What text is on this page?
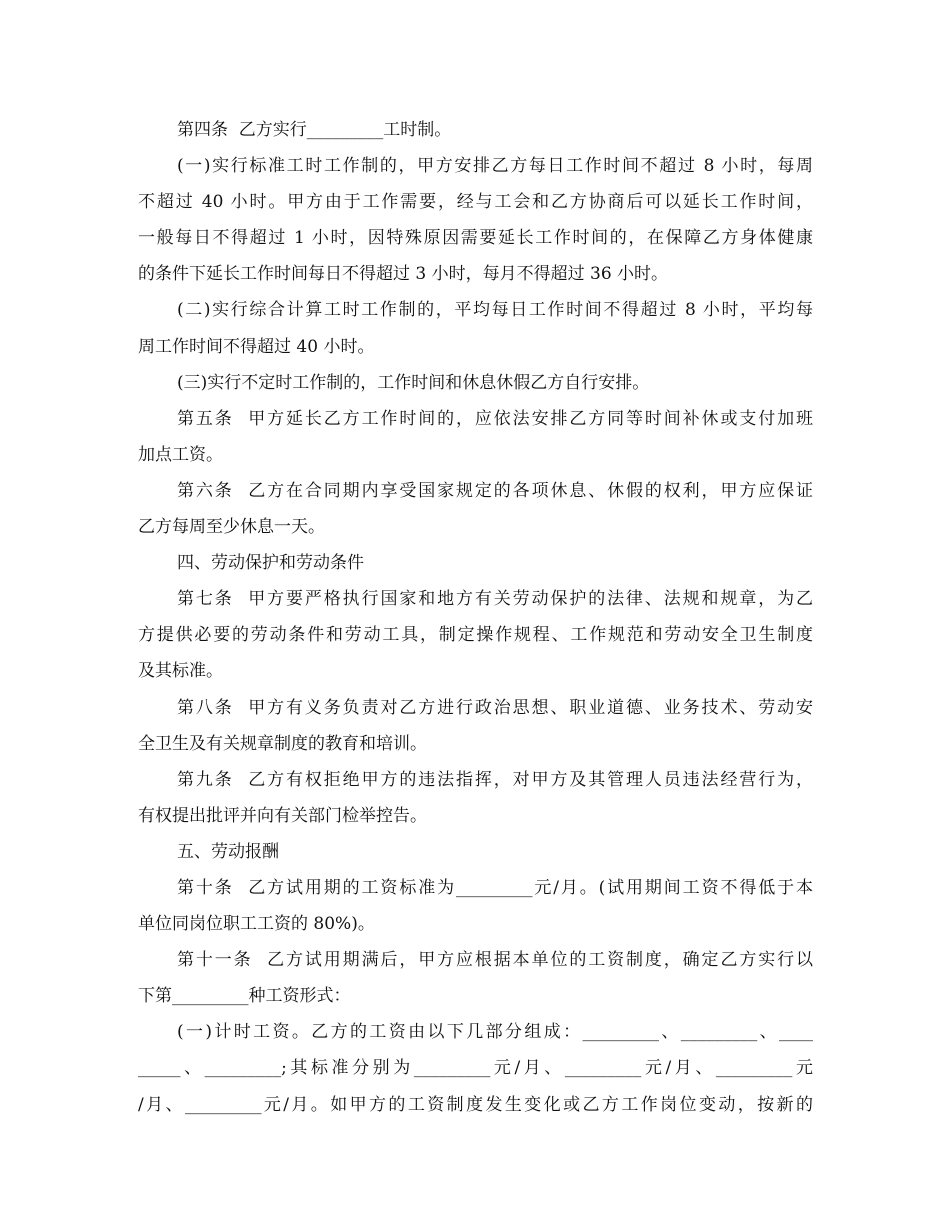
第四条  乙方实行_________工时制。
(一)实行标准工时工作制的，甲方安排乙方每日工作时间不超过 8 小时，每周
不超过 40 小时。甲方由于工作需要，经与工会和乙方协商后可以延长工作时间，
一般每日不得超过 1 小时，因特殊原因需要延长工作时间的，在保障乙方身体健康
的条件下延长工作时间每日不得超过 3 小时，每月不得超过 36 小时。
(二)实行综合计算工时工作制的，平均每日工作时间不得超过 8 小时，平均每
周工作时间不得超过 40 小时。
(三)实行不定时工作制的，工作时间和休息休假乙方自行安排。
第五条  甲方延长乙方工作时间的，应依法安排乙方同等时间补休或支付加班
加点工资。
第六条  乙方在合同期内享受国家规定的各项休息、休假的权利，甲方应保证
乙方每周至少休息一天。
四、劳动保护和劳动条件
第七条  甲方要严格执行国家和地方有关劳动保护的法律、法规和规章，为乙
方提供必要的劳动条件和劳动工具，制定操作规程、工作规范和劳动安全卫生制度
及其标准。
第八条  甲方有义务负责对乙方进行政治思想、职业道德、业务技术、劳动安
全卫生及有关规章制度的教育和培训。
第九条  乙方有权拒绝甲方的违法指挥，对甲方及其管理人员违法经营行为，
有权提出批评并向有关部门检举控告。
五、劳动报酬
第十条  乙方试用期的工资标准为_________元/月。(试用期间工资不得低于本
单位同岗位职工工资的 80%)。
第十一条  乙方试用期满后，甲方应根据本单位的工资制度，确定乙方实行以
下第_________种工资形式：
(一)计时工资。乙方的工资由以下几部分组成：_________、_________、____
_____、_________;其标准分别为_________元/月、_________元/月、_________元
/月、_________元/月。如甲方的工资制度发生变化或乙方工作岗位变动，按新的
